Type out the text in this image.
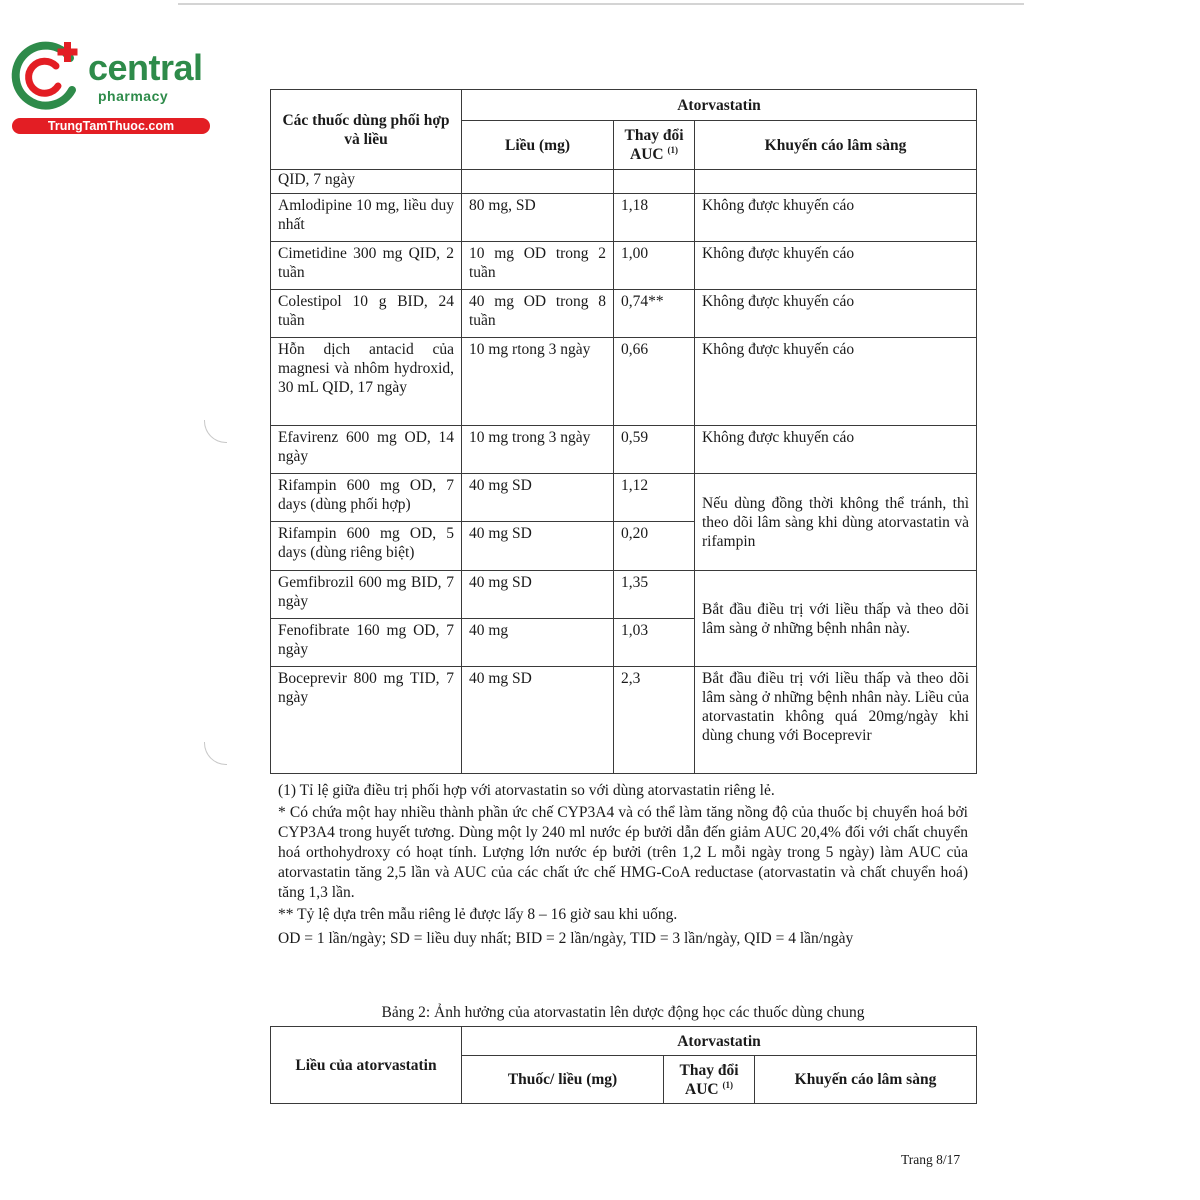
central
pharmacy
TrungTamThuoc.com	Các thuốc dùng phối hợp và liều	Atorvastatin		
	Liều (mg)	Thay đổi AUC $^{(1)}$	Khuyến cáo lâm sàng
QID, 7 ngày			
Amlodipine 10 mg, liều duy nhất	80 mg, SD	1,18	Không được khuyến cáo
Cimetidine 300 mg QID, 2 tuần	10 mg OD trong 2 tuần	1,00	Không được khuyến cáo
Colestipol 10 g BID, 24 tuần	40 mg OD trong 8 tuần	0,74**	Không được khuyến cáo
Hỗn dịch antacid của magnesi và nhôm hydroxid, 30 mL QID, 17 ngày	10 mg rtong 3 ngày	0,66	Không được khuyến cáo
Efavirenz 600 mg OD, 14 ngày	10 mg trong 3 ngày	0,59	Không được khuyến cáo
Rifampin 600 mg OD, 7 days (dùng phối hợp)	40 mg SD	1,12	Nếu dùng đồng thời không thể tránh, thì theo dõi lâm sàng khi dùng atorvastatin và rifampin
Rifampin 600 mg OD, 5 days (dùng riêng biệt)	40 mg SD	0,20	
Gemfibrozil 600 mg BID, 7 ngày	40 mg SD	1,35	Bắt đầu điều trị với liều thấp và theo dõi lâm sàng ở những bệnh nhân này.
Fenofibrate 160 mg OD, 7 ngày	40 mg	1,03	
Boceprevir 800 mg TID, 7 ngày	40 mg SD	2,3	Bắt đầu điều trị với liều thấp và theo dõi lâm sàng ở những bệnh nhân này. Liều của atorvastatin không quá 20mg/ngày khi dùng chung với Boceprevir

(1) Tỉ lệ giữa điều trị phối hợp với atorvastatin so với dùng atorvastatin riêng lẻ.

* Có chứa một hay nhiều thành phần ức chế CYP3A4 và có thể làm tăng nồng độ của thuốc bị chuyển hoá bởi CYP3A4 trong huyết tương. Dùng một ly 240 ml nước ép bưởi dẫn đến giảm AUC 20,4% đối với chất chuyển hoá orthohydroxy có hoạt tính. Lượng lớn nước ép bưởi (trên 1,2 L mỗi ngày trong 5 ngày) làm AUC của atorvastatin tăng 2,5 lần và AUC của các chất ức chế HMG-CoA reductase (atorvastatin và chất chuyển hoá) tăng 1,3 lần.

** Tỷ lệ dựa trên mẫu riêng lẻ được lấy 8 – 16 giờ sau khi uống.

OD = 1 lần/ngày; SD = liều duy nhất; BID = 2 lần/ngày, TID = 3 lần/ngày, QID = 4 lần/ngày

Bảng 2: Ảnh hưởng của atorvastatin lên dược động học các thuốc dùng chung
Liều của atorvastatin	Atorvastatin		
	Thuốc/ liều (mg)	Thay đổi AUC $^{(1)}$	Khuyến cáo lâm sàng
Trang 8/17
